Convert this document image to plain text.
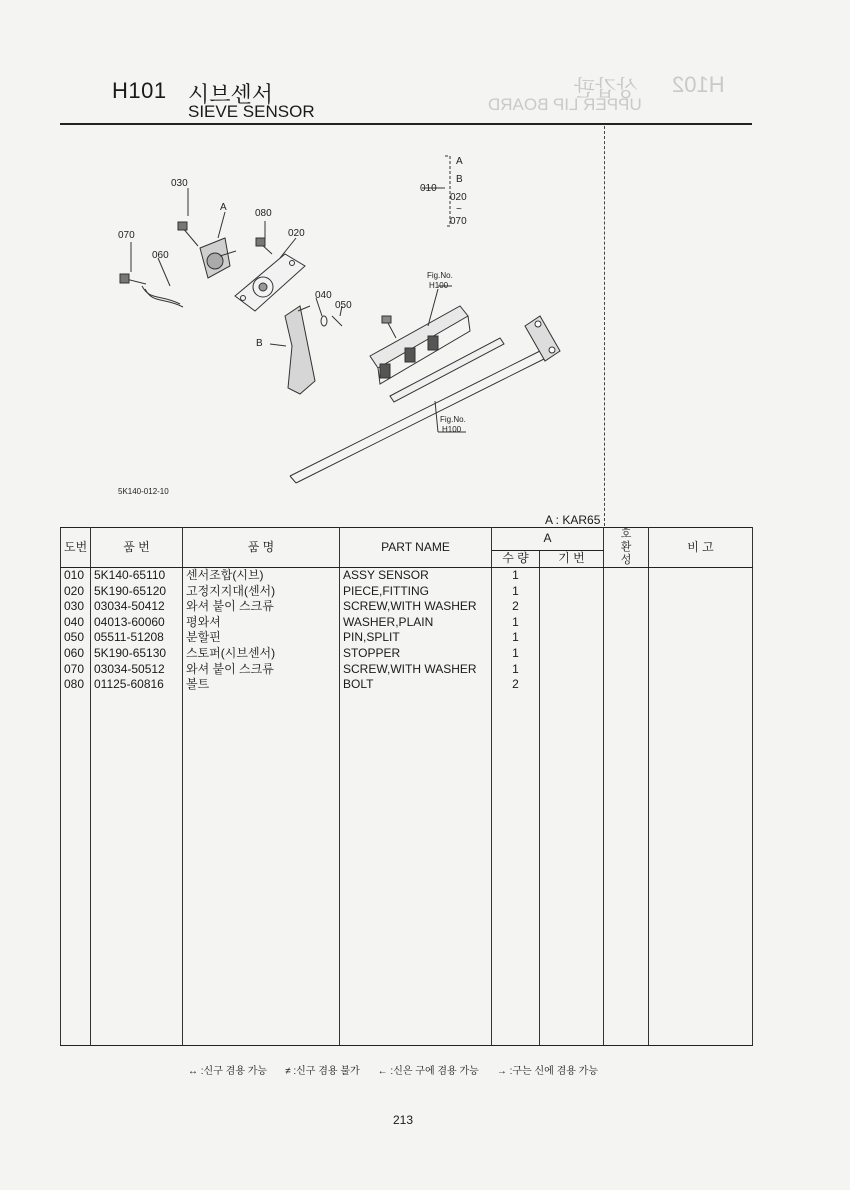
H102
상갑판
UPPER LIP BOARD
H101 시브센서
SIEVE SENSOR
030
A
080
070
060
020
040
050
B
010
A
B
020
~
070
Fig.No.
H100
Fig.No.
H100
5K140-012-10
A : KAR65
도번	품 번	품 명	PART NAME	A		호
환
성	비 고
				수 량	기 번		
010	5K140-65110	센서조합(시브)	ASSY SENSOR	1			
020	5K190-65120	고정지지대(센서)	PIECE,FITTING	1			
030	03034-50412	와셔 붙이 스크류	SCREW,WITH WASHER	2			
040	04013-60060	평와셔	WASHER,PLAIN	1			
050	05511-51208	분할핀	PIN,SPLIT	1			
060	5K190-65130	스토퍼(시브센서)	STOPPER	1			
070	03034-50512	와셔 붙이 스크류	SCREW,WITH WASHER	1			
080	01125-60816	볼트	BOLT	2			

↔ :신구 겸용 가능 ≠ :신구 겸용 불가 ← :신은 구에 겸용 가능 → :구는 신에 겸용 가능
213
